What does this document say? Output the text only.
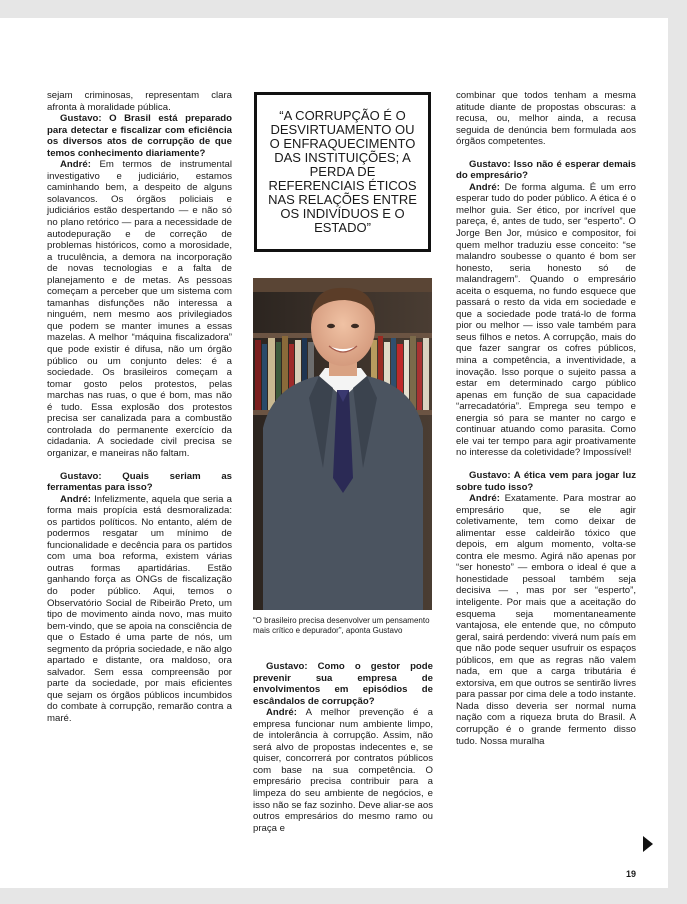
sejam criminosas, representam clara afronta à moralidade pública.

Gustavo: O Brasil está preparado para detectar e fiscalizar com eficiência os diversos atos de corrupção de que temos conhecimento diariamente?

André: Em termos de instrumental investigativo e judiciário, estamos caminhando bem, a despeito de alguns solavancos. Os órgãos policiais e judiciários estão despertando — e não só no plano retórico — para a necessidade de autodepuração e de correção de problemas históricos, como a morosidade, a truculência, a demora na incorporação de novas tecnologias e a falta de planejamento e de metas. As pessoas começam a perceber que um sistema com tamanhas disfunções não interessa a ninguém, nem mesmo aos privilegiados que podem se manter imunes a essas mazelas. A melhor “máquina fiscalizadora” que pode existir é difusa, não um órgão público ou um conjunto deles: é a sociedade. Os brasileiros começam a tomar gosto pelos protestos, pelas marchas nas ruas, o que é bom, mas não é tudo. Essa explosão dos protestos precisa ser canalizada para a combustão controlada do permanente exercício da cidadania. A sociedade civil precisa se organizar, e maneiras não faltam.

Gustavo: Quais seriam as ferramentas para isso?

André: Infelizmente, aquela que seria a forma mais propícia está desmoralizada: os partidos políticos. No entanto, além de podermos resgatar um mínimo de funcionalidade e decência para os partidos com uma boa reforma, existem várias outras formas apartidárias. Estão ganhando força as ONGs de fiscalização do poder público. Aqui, temos o Observatório Social de Ribeirão Preto, um tipo de movimento ainda novo, mas muito bem-vindo, que se apoia na consciência de que o Estado é uma parte de nós, um segmento da própria sociedade, e não algo apartado e distante, ora maldoso, ora salvador. Sem essa compreensão por parte da sociedade, por mais eficientes que sejam os órgãos públicos incumbidos do combate à corrupção, remarão contra a maré.

“A CORRUPÇÃO É O DESVIRTUAMENTO OU O ENFRAQUECIMENTO DAS INSTITUIÇÕES; A PERDA DE REFERENCIAIS ÉTICOS NAS RELAÇÕES ENTRE OS INDIVÍDUOS E O ESTADO”
“O brasileiro precisa desenvolver um pensamento mais crítico e depurador”, aponta Gustavo

Gustavo: Como o gestor pode prevenir sua empresa de envolvimentos em episódios de escândalos de corrupção?

André: A melhor prevenção é a empresa funcionar num ambiente limpo, de intolerância à corrupção. Assim, não será alvo de propostas indecentes e, se quiser, concorrerá por contratos públicos com base na sua competência. O empresário precisa contribuir para a limpeza do seu ambiente de negócios, e isso não se faz sozinho. Deve aliar-se aos outros empresários do mesmo ramo ou praça e

combinar que todos tenham a mesma atitude diante de propostas obscuras: a recusa, ou, melhor ainda, a recusa seguida de denúncia bem formulada aos órgãos competentes.

Gustavo: Isso não é esperar demais do empresário?

André: De forma alguma. É um erro esperar tudo do poder público. A ética é o melhor guia. Ser ético, por incrível que pareça, é, antes de tudo, ser “esperto”. O Jorge Ben Jor, músico e compositor, foi quem melhor traduziu esse conceito: “se malandro soubesse o quanto é bom ser honesto, seria honesto só de malandragem”. Quando o empresário aceita o esquema, no fundo esquece que passará o resto da vida em sociedade e que a sociedade pode tratá-lo de forma pior ou melhor — isso vale também para seus filhos e netos. A corrupção, mais do que fazer sangrar os cofres públicos, mina a competência, a inventividade, a inovação. Isso porque o sujeito passa a estar em determinado cargo público apenas em função de sua capacidade “arrecadatória”. Emprega seu tempo e energia só para se manter no cargo e continuar atuando como parasita. Como ele vai ter tempo para agir proativamente no interesse da coletividade? Impossível!

Gustavo: A ética vem para jogar luz sobre tudo isso?

André: Exatamente. Para mostrar ao empresário que, se ele agir coletivamente, tem como deixar de alimentar esse caldeirão tóxico que depois, em algum momento, volta-se contra ele mesmo. Agirá não apenas por “ser honesto” — embora o ideal é que a honestidade pessoal também seja decisiva — , mas por ser “esperto”, inteligente. Por mais que a aceitação do esquema seja momentaneamente vantajosa, ele entende que, no cômputo geral, sairá perdendo: viverá num país em que não pode sequer usufruir os espaços públicos, em que as regras não valem nada, em que a carga tributária é extorsiva, em que outros se sentirão livres para passar por cima dele a todo instante. Nada disso deveria ser normal numa nação com a riqueza bruta do Brasil. A corrupção é o grande fermento disso tudo. Nossa muralha

19
